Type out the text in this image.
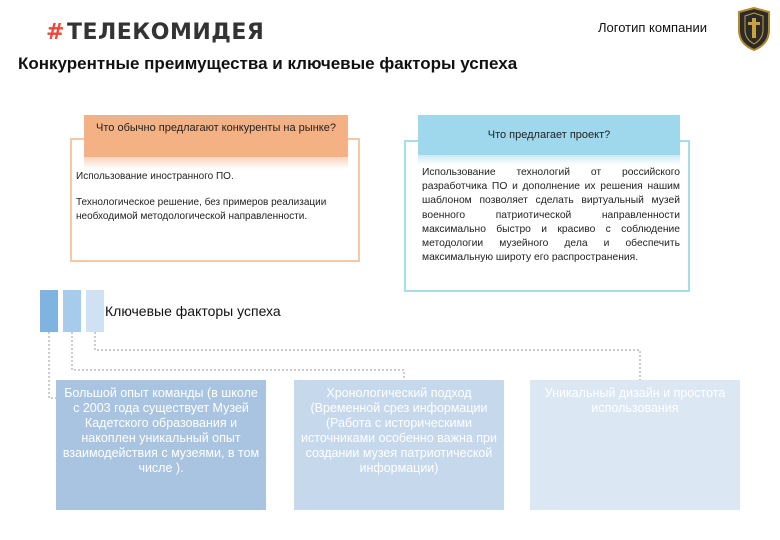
#ТЕЛЕКОМИДЕЯ	Логотип компании
Конкурентные преимущества и ключевые факторы успеха
Что обычно предлагают конкуренты на рынке?
Использование иностранного ПО.
Технологическое решение, без примеров реализации необходимой методологической направленности.
Что предлагает проект?
Использование технологий от российского разработчика ПО и дополнение их решения нашим шаблоном позволяет сделать виртуальный музей военного патриотической направленности максимально быстро и красиво с соблюдение методологии музейного дела и обеспечить максимальную широту его распространения.
Ключевые факторы успеха
Большой опыт команды (в школе с 2003 года существует Музей Кадетского образования и накоплен уникальный опыт взаимодействия с музеями, в том числе ).
Хронологический подход (Временной срез информации (Работа с историческими источниками особенно важна при создании музея патриотической информации)
Уникальный дизайн и простота использования
